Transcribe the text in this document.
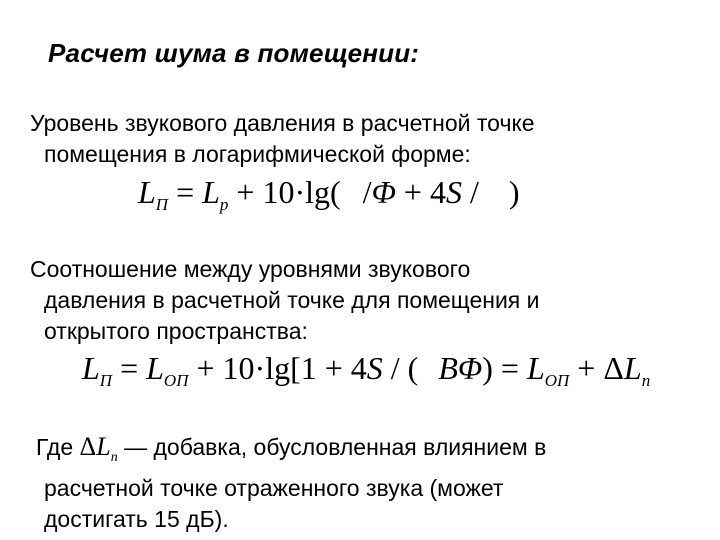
Расчет шума в помещении:

Уровень звукового давления в расчетной точке
помещения в логарифмической форме:

$L_П = L_р + 10\cdot\lg$( /Φ + 4S / )

Соотношение между уровнями звукового
давления в расчетной точке для помещения и
открытого пространства:

$L_П = L_{ОП} + 10\cdot\lg[1 + 4S$ / ( $B\Phi) = L_{ОП} + \Delta L_п$

Где $\Delta L_п$ — добавка, обусловленная влиянием в
расчетной точке отраженного звука (может
достигать 15 дБ).
